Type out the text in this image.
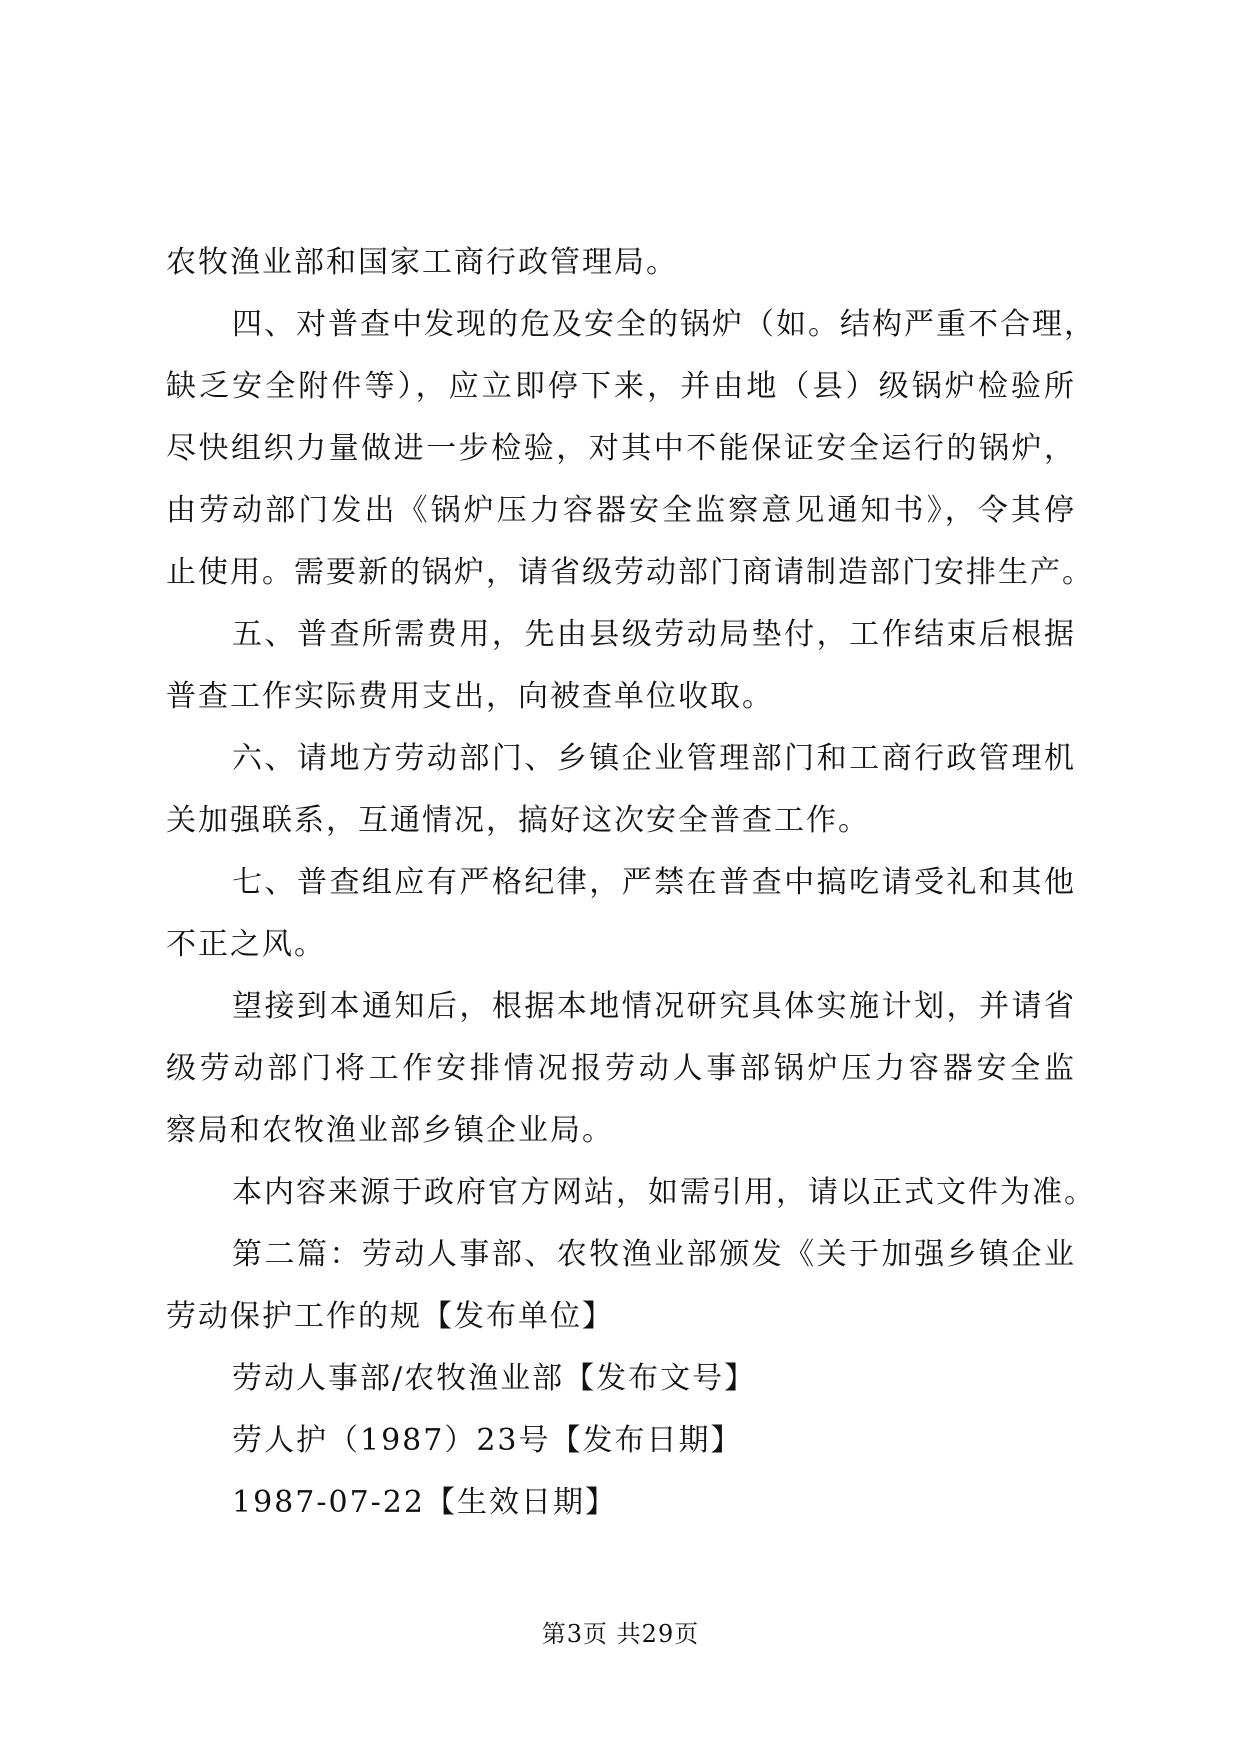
农牧渔业部和国家工商行政管理局。

四、对普查中发现的危及安全的锅炉（如。结构严重不合理，

缺乏安全附件等），应立即停下来，并由地（县）级锅炉检验所

尽快组织力量做进一步检验，对其中不能保证安全运行的锅炉，

由劳动部门发出《锅炉压力容器安全监察意见通知书》，令其停

止使用。需要新的锅炉，请省级劳动部门商请制造部门安排生产。

五、普查所需费用，先由县级劳动局垫付，工作结束后根据

普查工作实际费用支出，向被查单位收取。

六、请地方劳动部门、乡镇企业管理部门和工商行政管理机

关加强联系，互通情况，搞好这次安全普查工作。

七、普查组应有严格纪律，严禁在普查中搞吃请受礼和其他

不正之风。

望接到本通知后，根据本地情况研究具体实施计划，并请省

级劳动部门将工作安排情况报劳动人事部锅炉压力容器安全监

察局和农牧渔业部乡镇企业局。

本内容来源于政府官方网站，如需引用，请以正式文件为准。

第二篇：劳动人事部、农牧渔业部颁发《关于加强乡镇企业

劳动保护工作的规【发布单位】

劳动人事部/农牧渔业部【发布文号】

劳人护（1987）23号【发布日期】

1987-07-22【生效日期】

第3页 共29页
